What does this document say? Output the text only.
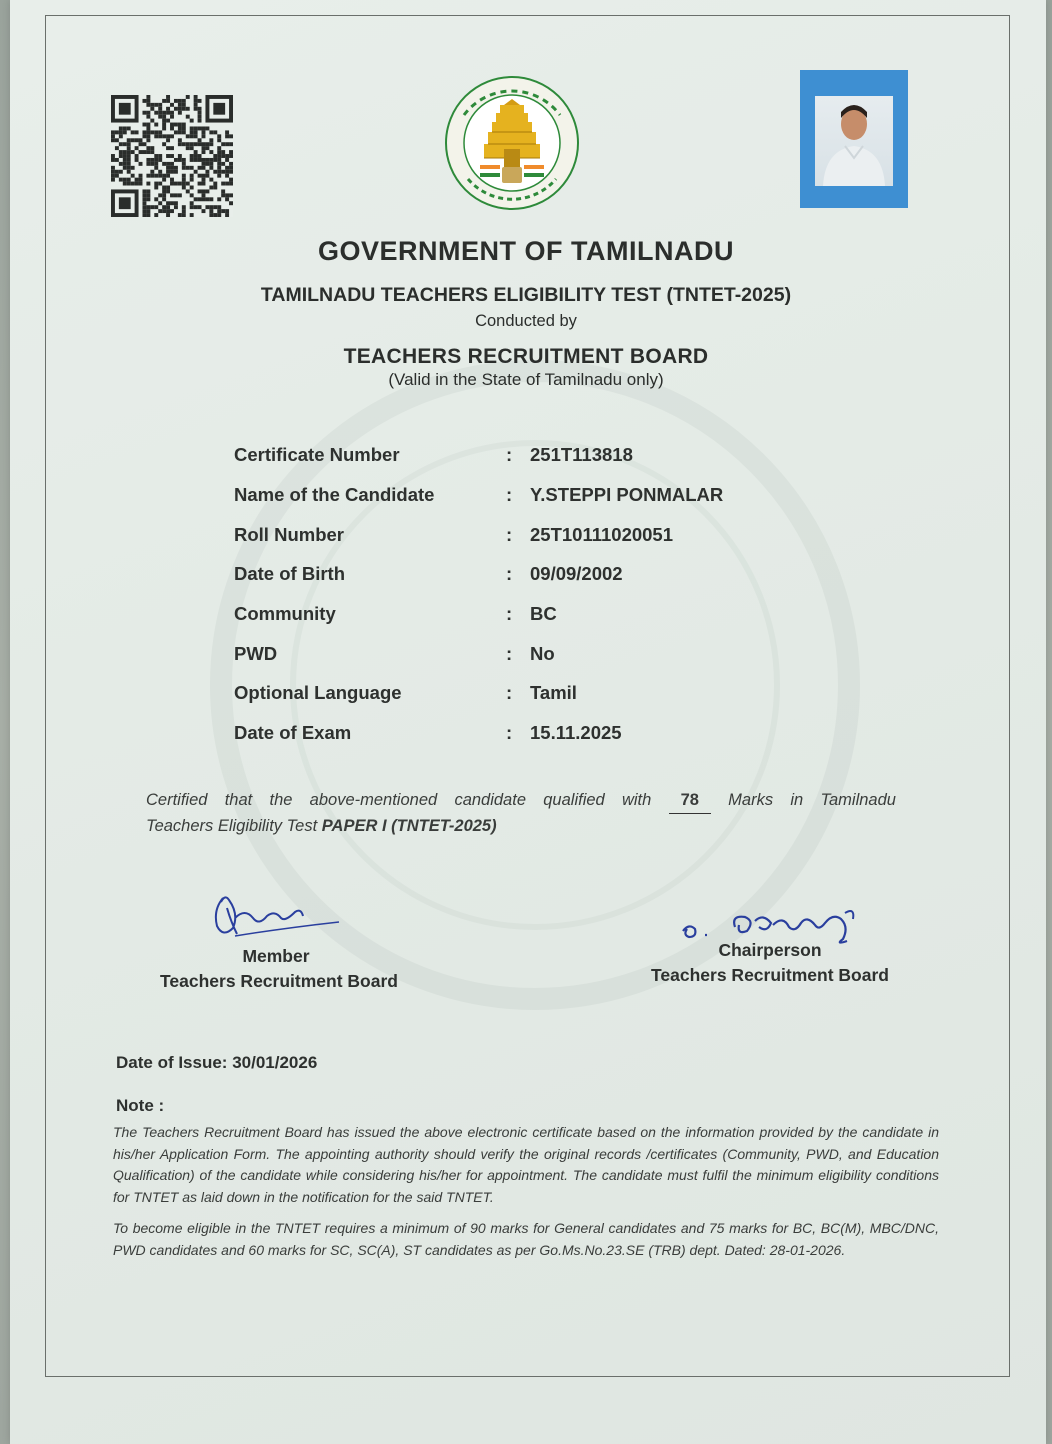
GOVERNMENT OF TAMILNADU
TAMILNADU TEACHERS ELIGIBILITY TEST (TNTET-2025)
Conducted by
TEACHERS RECRUITMENT BOARD
(Valid in the State of Tamilnadu only)
Certificate Number	: 251T113818
Name of the Candidate	: Y.STEPPI PONMALAR
Roll Number	: 25T10111020051
Date of Birth	: 09/09/2002
Community	: BC
PWD	: No
Optional Language	: Tamil
Date of Exam	: 15.11.2025
Certified that the above-mentioned candidate qualified with	78	Marks in Tamilnadu
Teachers Eligibility Test PAPER I (TNTET-2025)
Member
Teachers Recruitment Board
Chairperson
Teachers Recruitment Board
Date of Issue: 30/01/2026
Note :
The Teachers Recruitment Board has issued the above electronic certificate based on the information provided by the candidate in his/her Application Form. The appointing authority should verify the original records /certificates (Community, PWD, and Education Qualification) of the candidate while considering his/her for appointment. The candidate must fulfil the minimum eligibility conditions for TNTET as laid down in the notification for the said TNTET.
To become eligible in the TNTET requires a minimum of 90 marks for General candidates and 75 marks for BC, BC(M), MBC/DNC, PWD candidates and 60 marks for SC, SC(A), ST candidates as per Go.Ms.No.23.SE (TRB) dept. Dated: 28-01-2026.
